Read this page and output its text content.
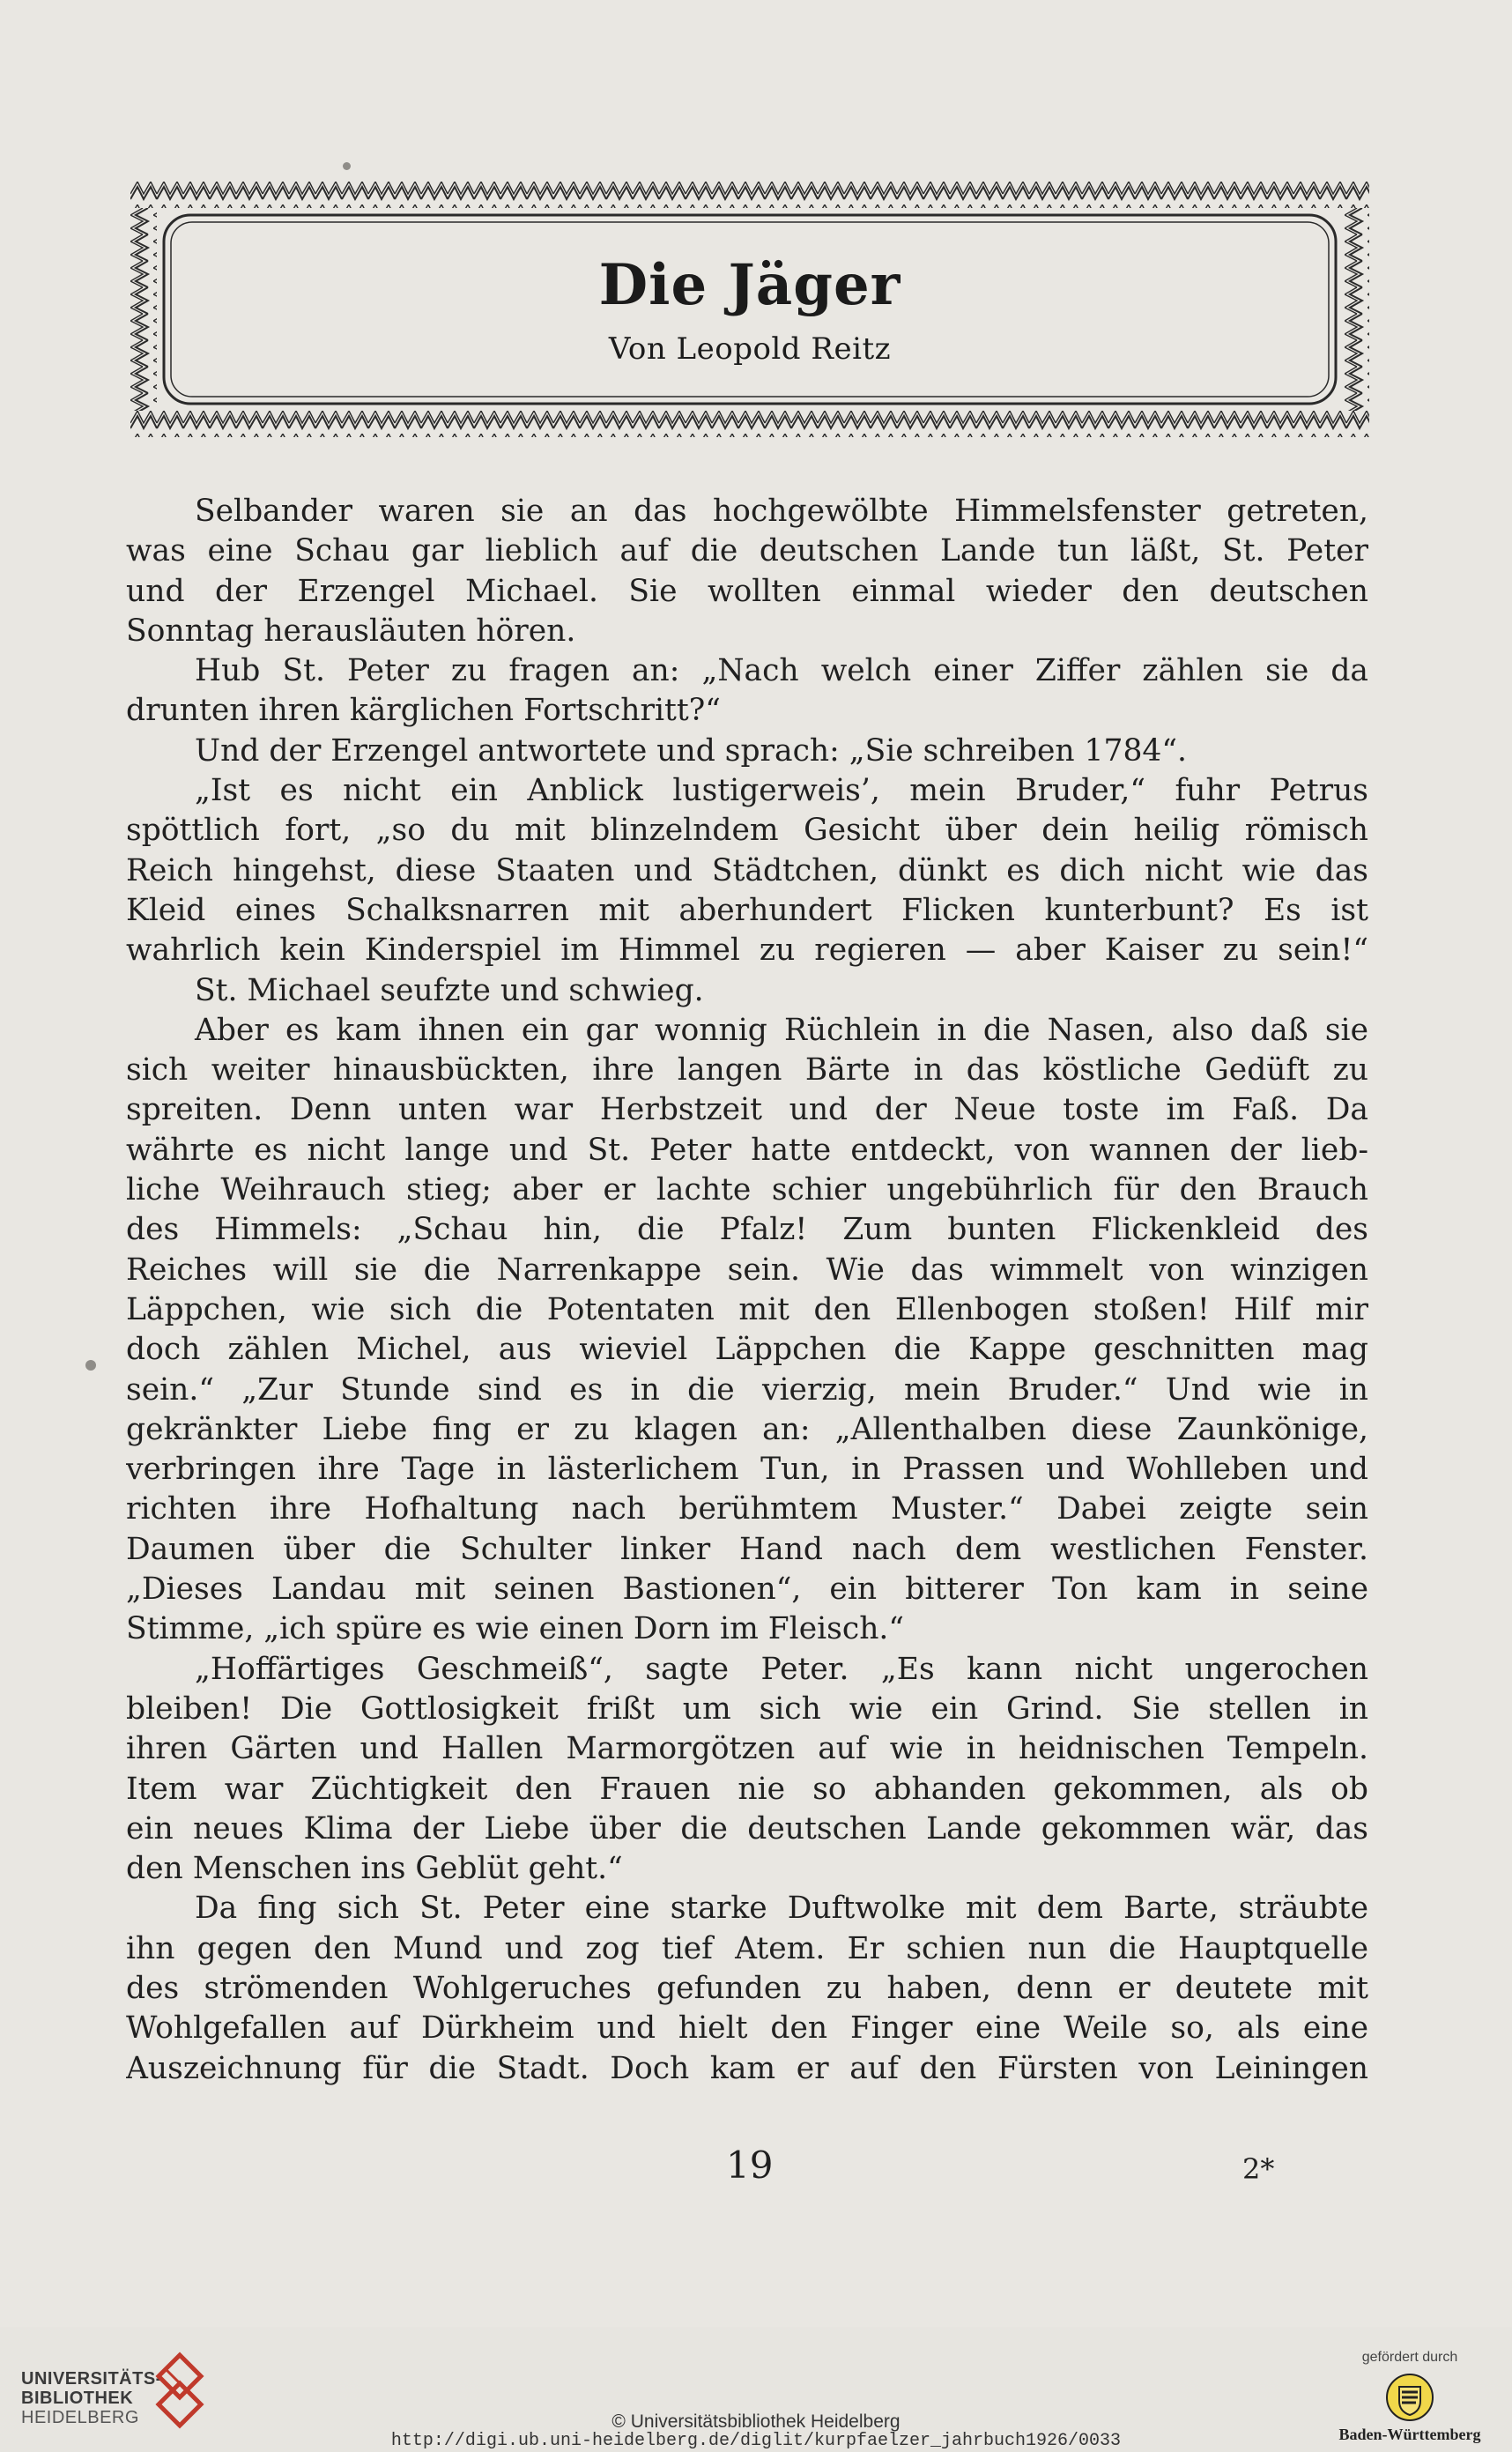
Die Jäger
Von Leopold Reitz
Selbander waren sie an das hochgewölbte Himmelsfenster getreten,
was eine Schau gar lieblich auf die deutschen Lande tun läßt, St. Peter
und der Erzengel Michael. Sie wollten einmal wieder den deutschen
Sonntag herausläuten hören.
Hub St. Peter zu fragen an: „Nach welch einer Ziffer zählen sie da
drunten ihren kärglichen Fortschritt?“
Und der Erzengel antwortete und sprach: „Sie schreiben 1784“.
„Ist es nicht ein Anblick lustigerweis’, mein Bruder,“ fuhr Petrus
spöttlich fort, „so du mit blinzelndem Gesicht über dein heilig römisch
Reich hingehst, diese Staaten und Städtchen, dünkt es dich nicht wie das
Kleid eines Schalksnarren mit aberhundert Flicken kunterbunt? Es ist
wahrlich kein Kinderspiel im Himmel zu regieren — aber Kaiser zu sein!“
St. Michael seufzte und schwieg.
Aber es kam ihnen ein gar wonnig Rüchlein in die Nasen, also daß sie
sich weiter hinausbückten, ihre langen Bärte in das köstliche Gedüft zu
spreiten. Denn unten war Herbstzeit und der Neue toste im Faß. Da
währte es nicht lange und St. Peter hatte entdeckt, von wannen der lieb-
liche Weihrauch stieg; aber er lachte schier ungebührlich für den Brauch
des Himmels: „Schau hin, die Pfalz! Zum bunten Flickenkleid des
Reiches will sie die Narrenkappe sein. Wie das wimmelt von winzigen
Läppchen, wie sich die Potentaten mit den Ellenbogen stoßen! Hilf mir
doch zählen Michel, aus wieviel Läppchen die Kappe geschnitten mag
sein.“ „Zur Stunde sind es in die vierzig, mein Bruder.“ Und wie in
gekränkter Liebe fing er zu klagen an: „Allenthalben diese Zaunkönige,
verbringen ihre Tage in lästerlichem Tun, in Prassen und Wohlleben und
richten ihre Hofhaltung nach berühmtem Muster.“ Dabei zeigte sein
Daumen über die Schulter linker Hand nach dem westlichen Fenster.
„Dieses Landau mit seinen Bastionen“, ein bitterer Ton kam in seine
Stimme, „ich spüre es wie einen Dorn im Fleisch.“
„Hoffärtiges Geschmeiß“, sagte Peter. „Es kann nicht ungerochen
bleiben! Die Gottlosigkeit frißt um sich wie ein Grind. Sie stellen in
ihren Gärten und Hallen Marmorgötzen auf wie in heidnischen Tempeln.
Item war Züchtigkeit den Frauen nie so abhanden gekommen, als ob
ein neues Klima der Liebe über die deutschen Lande gekommen wär, das
den Menschen ins Geblüt geht.“
Da fing sich St. Peter eine starke Duftwolke mit dem Barte, sträubte
ihn gegen den Mund und zog tief Atem. Er schien nun die Hauptquelle
des strömenden Wohlgeruches gefunden zu haben, denn er deutete mit
Wohlgefallen auf Dürkheim und hielt den Finger eine Weile so, als eine
Auszeichnung für die Stadt. Doch kam er auf den Fürsten von Leiningen
19	2*
UNIVERSITÄTS-
BIBLIOTHEK
HEIDELBERG	© Universitätsbibliothek Heidelberg
http://digi.ub.uni-heidelberg.de/diglit/kurpfaelzer_jahrbuch1926/0033
gefördert durch
Baden-Württemberg
